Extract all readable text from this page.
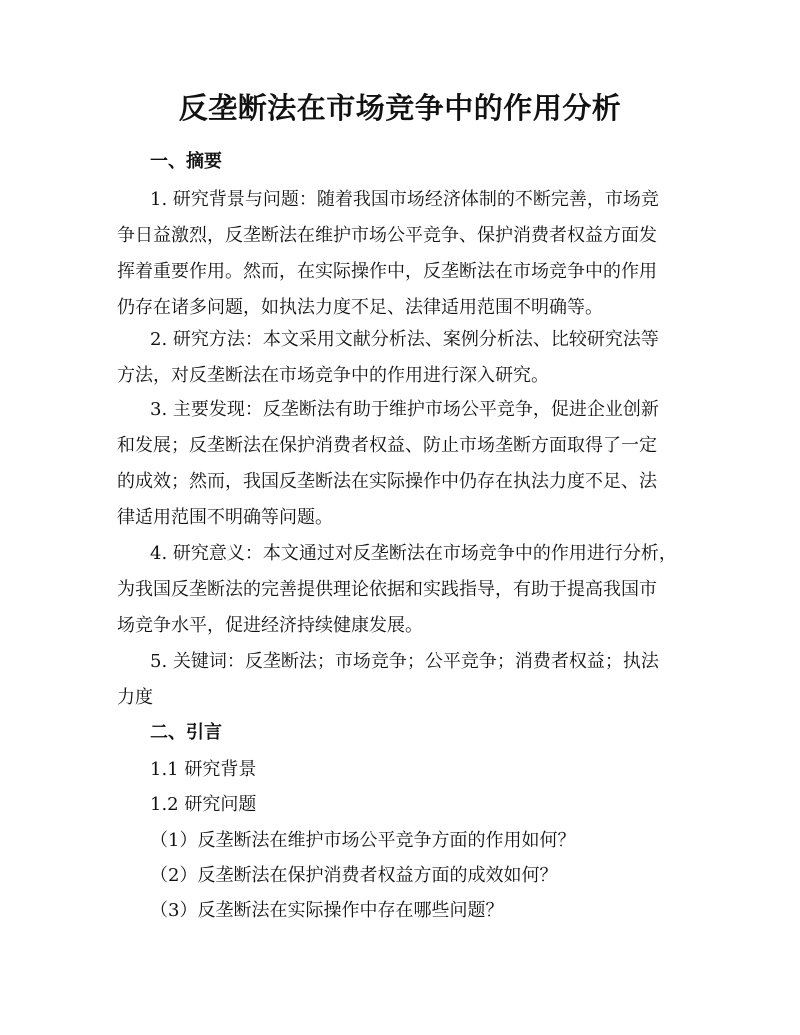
反垄断法在市场竞争中的作用分析
一、摘要
1. 研究背景与问题：随着我国市场经济体制的不断完善，市场竞
争日益激烈，反垄断法在维护市场公平竞争、保护消费者权益方面发
挥着重要作用。然而，在实际操作中，反垄断法在市场竞争中的作用
仍存在诸多问题，如执法力度不足、法律适用范围不明确等。
2. 研究方法：本文采用文献分析法、案例分析法、比较研究法等
方法，对反垄断法在市场竞争中的作用进行深入研究。
3. 主要发现：反垄断法有助于维护市场公平竞争，促进企业创新
和发展；反垄断法在保护消费者权益、防止市场垄断方面取得了一定
的成效；然而，我国反垄断法在实际操作中仍存在执法力度不足、法
律适用范围不明确等问题。
4. 研究意义：本文通过对反垄断法在市场竞争中的作用进行分析，
为我国反垄断法的完善提供理论依据和实践指导，有助于提高我国市
场竞争水平，促进经济持续健康发展。
5. 关键词：反垄断法；市场竞争；公平竞争；消费者权益；执法
力度
二、引言

1.1 研究背景

1.2 研究问题

（1）反垄断法在维护市场公平竞争方面的作用如何？

（2）反垄断法在保护消费者权益方面的成效如何？

（3）反垄断法在实际操作中存在哪些问题？
